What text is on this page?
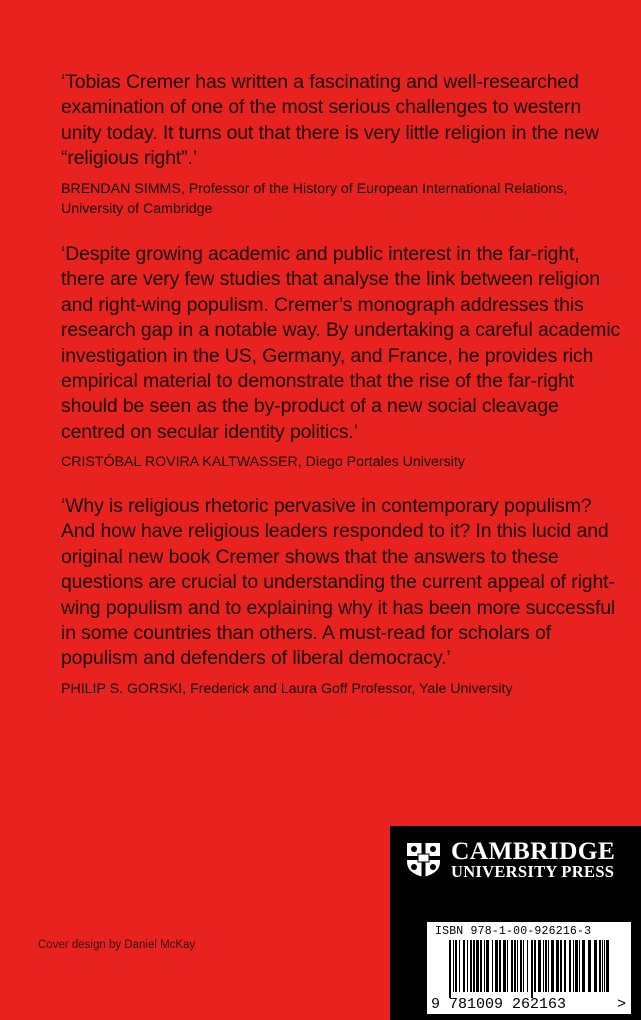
‘Tobias Cremer has written a fascinating and well-researched examination of one of the most serious challenges to western unity today. It turns out that there is very little religion in the new “religious right”.’

BRENDAN SIMMS, Professor of the History of European International Relations, University of Cambridge

‘Despite growing academic and public interest in the far-right, there are very few studies that analyse the link between religion and right-wing populism. Cremer’s monograph addresses this research gap in a notable way. By undertaking a careful academic investigation in the US, Germany, and France, he provides rich empirical material to demonstrate that the rise of the far-right should be seen as the by-product of a new social cleavage centred on secular identity politics.’

CRISTÓBAL ROVIRA KALTWASSER, Diego Portales University

‘Why is religious rhetoric pervasive in contemporary populism? And how have religious leaders responded to it? In this lucid and original new book Cremer shows that the answers to these questions are crucial to understanding the current appeal of right-wing populism and to explaining why it has been more successful in some countries than others. A must-read for scholars of populism and defenders of liberal democracy.’

PHILIP S. GORSKI, Frederick and Laura Goff Professor, Yale University

Cover design by Daniel McKay
CAMBRIDGE
UNIVERSITY PRESS
ISBN 978-1-00-926216-3
9 781009 262163	>
